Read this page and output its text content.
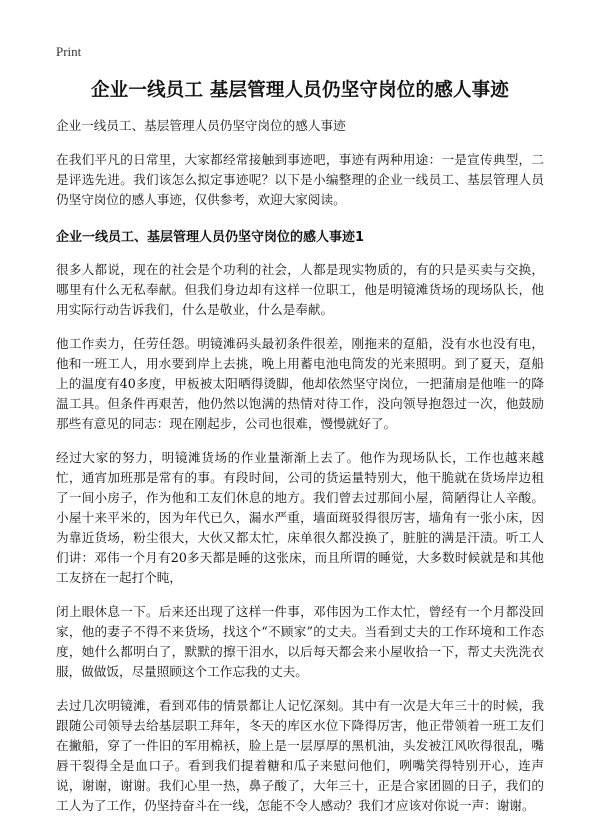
Print
企业一线员工 基层管理人员仍坚守岗位的感人事迹
企业一线员工、基层管理人员仍坚守岗位的感人事迹

在我们平凡的日常里，大家都经常接触到事迹吧，事迹有两种用途：一是宣传典型，二是评选先进。我们该怎么拟定事迹呢？以下是小编整理的企业一线员工、基层管理人员仍坚守岗位的感人事迹，仅供参考，欢迎大家阅读。

企业一线员工、基层管理人员仍坚守岗位的感人事迹1

很多人都说，现在的社会是个功利的社会，人都是现实物质的，有的只是买卖与交换，哪里有什么无私奉献。但我们身边却有这样一位职工，他是明镜滩货场的现场队长，他用实际行动告诉我们，什么是敬业，什么是奉献。

他工作卖力，任劳任怨。明镜滩码头最初条件很差，刚拖来的趸船，没有水也没有电，他和一班工人，用水要到岸上去挑，晚上用蓄电池电筒发的光来照明。到了夏天，趸船上的温度有40多度，甲板被太阳晒得烫脚，他却依然坚守岗位，一把蒲扇是他唯一的降温工具。但条件再艰苦，他仍然以饱满的热情对待工作，没向领导抱怨过一次，他鼓励那些有意见的同志：现在刚起步，公司也很难，慢慢就好了。

经过大家的努力，明镜滩货场的作业量渐渐上去了。他作为现场队长，工作也越来越忙，通宵加班那是常有的事。有段时间，公司的货运量特别大，他干脆就在货场岸边租了一间小房子，作为他和工友们休息的地方。我们曾去过那间小屋，简陋得让人辛酸。小屋十来平米的，因为年代已久，漏水严重，墙面斑驳得很厉害，墙角有一张小床，因为靠近货场，粉尘很大，大伙又都太忙，床单很久都没换了，脏脏的满是汗渍。听工人们讲：邓伟一个月有20多天都是睡的这张床，而且所谓的睡觉，大多数时候就是和其他工友挤在一起打个盹，

闭上眼休息一下。后来还出现了这样一件事，邓伟因为工作太忙，曾经有一个月都没回家，他的妻子不得不来货场，找这个“不顾家”的丈夫。当看到丈夫的工作环境和工作态度，她什么都明白了，默默的擦干泪水，以后每天都会来小屋收拾一下，帮丈夫洗洗衣服，做做饭，尽量照顾这个工作忘我的丈夫。

去过几次明镜滩，看到邓伟的情景都让人记忆深刻。其中有一次是大年三十的时候，我跟随公司领导去给基层职工拜年，冬天的库区水位下降得厉害，他正带领着一班工友们在撇船，穿了一件旧的军用棉袄，脸上是一层厚厚的黑机油，头发被江风吹得很乱，嘴唇干裂得全是血口子。看到我们提着糖和瓜子来慰问他们，咧嘴笑得特别开心，连声说，谢谢，谢谢。我们心里一热，鼻子酸了，大年三十，正是合家团圆的日子，我们的工人为了工作，仍坚持奋斗在一线，怎能不令人感动？我们才应该对你说一声：谢谢。
